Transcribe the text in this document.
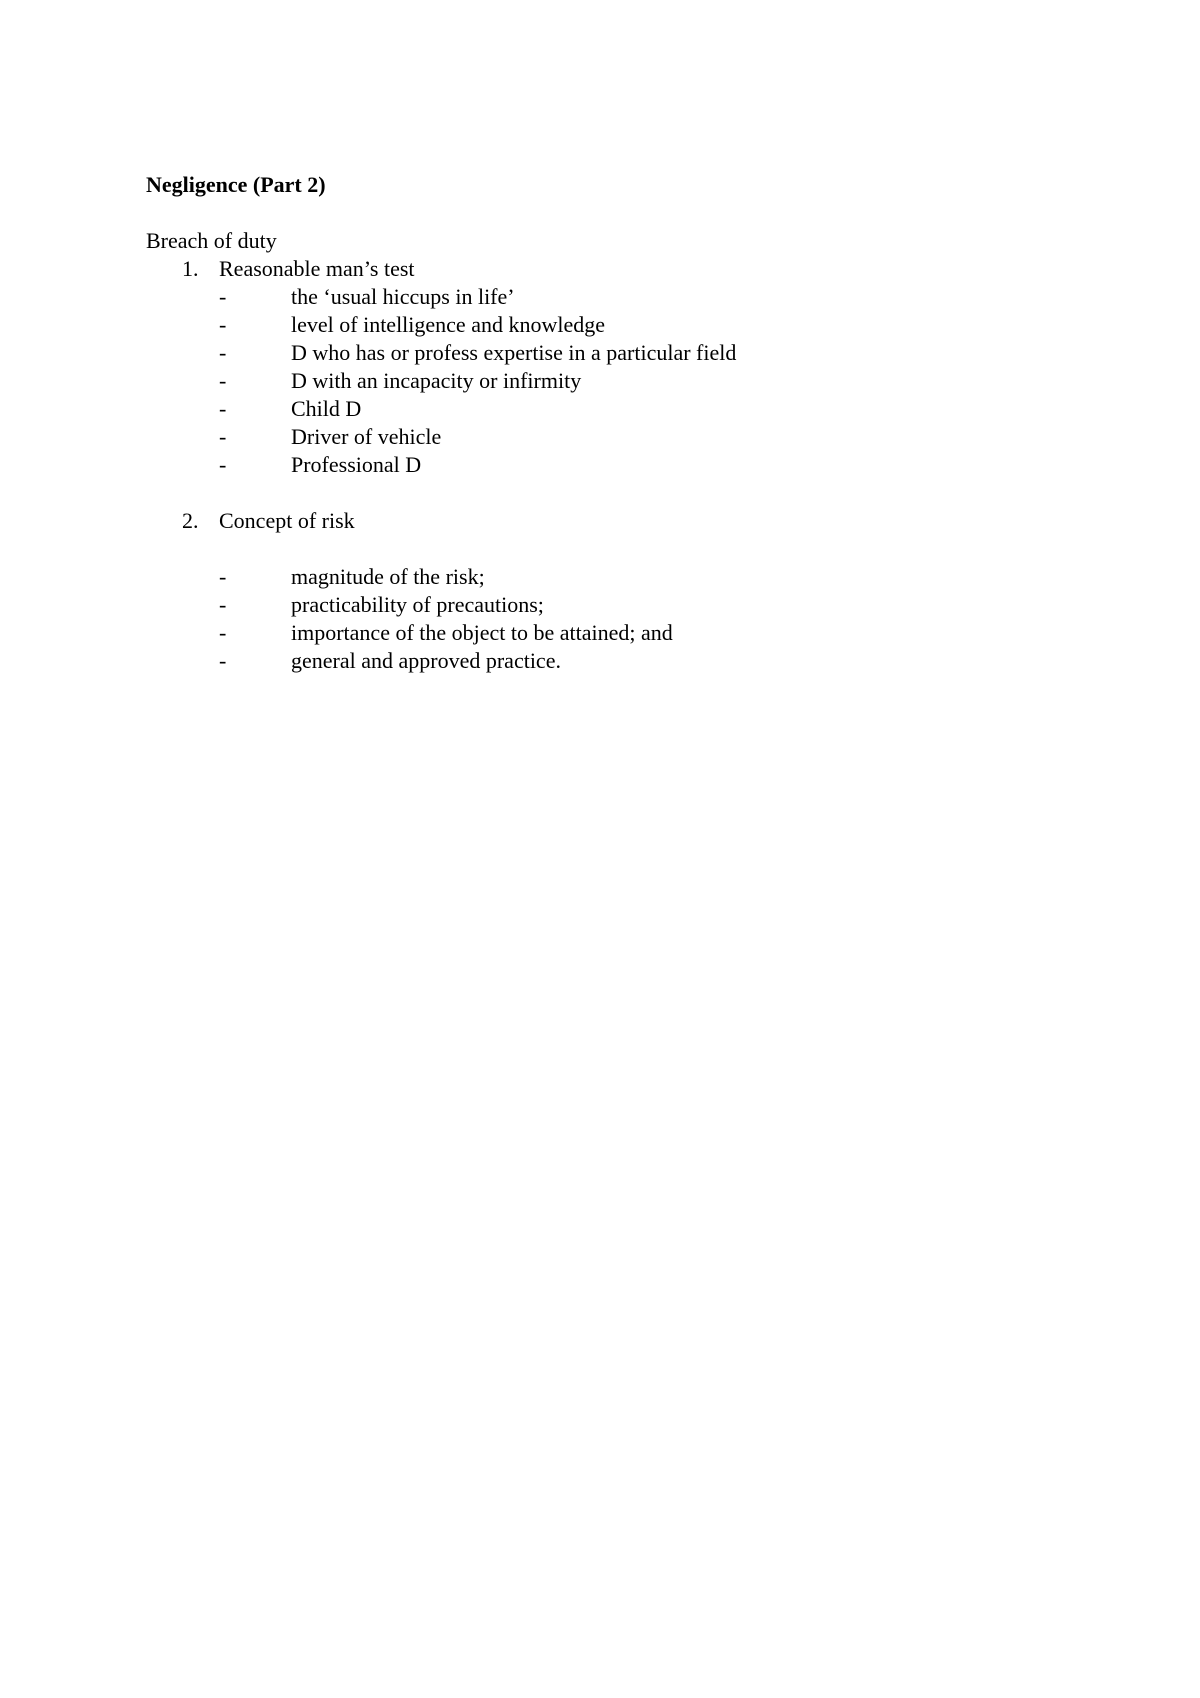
Negligence (Part 2)
Breach of duty
1. Reasonable man’s test
-	the ‘usual hiccups in life’
-	level of intelligence and knowledge
-	D who has or profess expertise in a particular field
-	D with an incapacity or infirmity
-	Child D
-	Driver of vehicle
-	Professional D
2. Concept of risk
-	magnitude of the risk;
-	practicability of precautions;
-	importance of the object to be attained; and
-	general and approved practice.
